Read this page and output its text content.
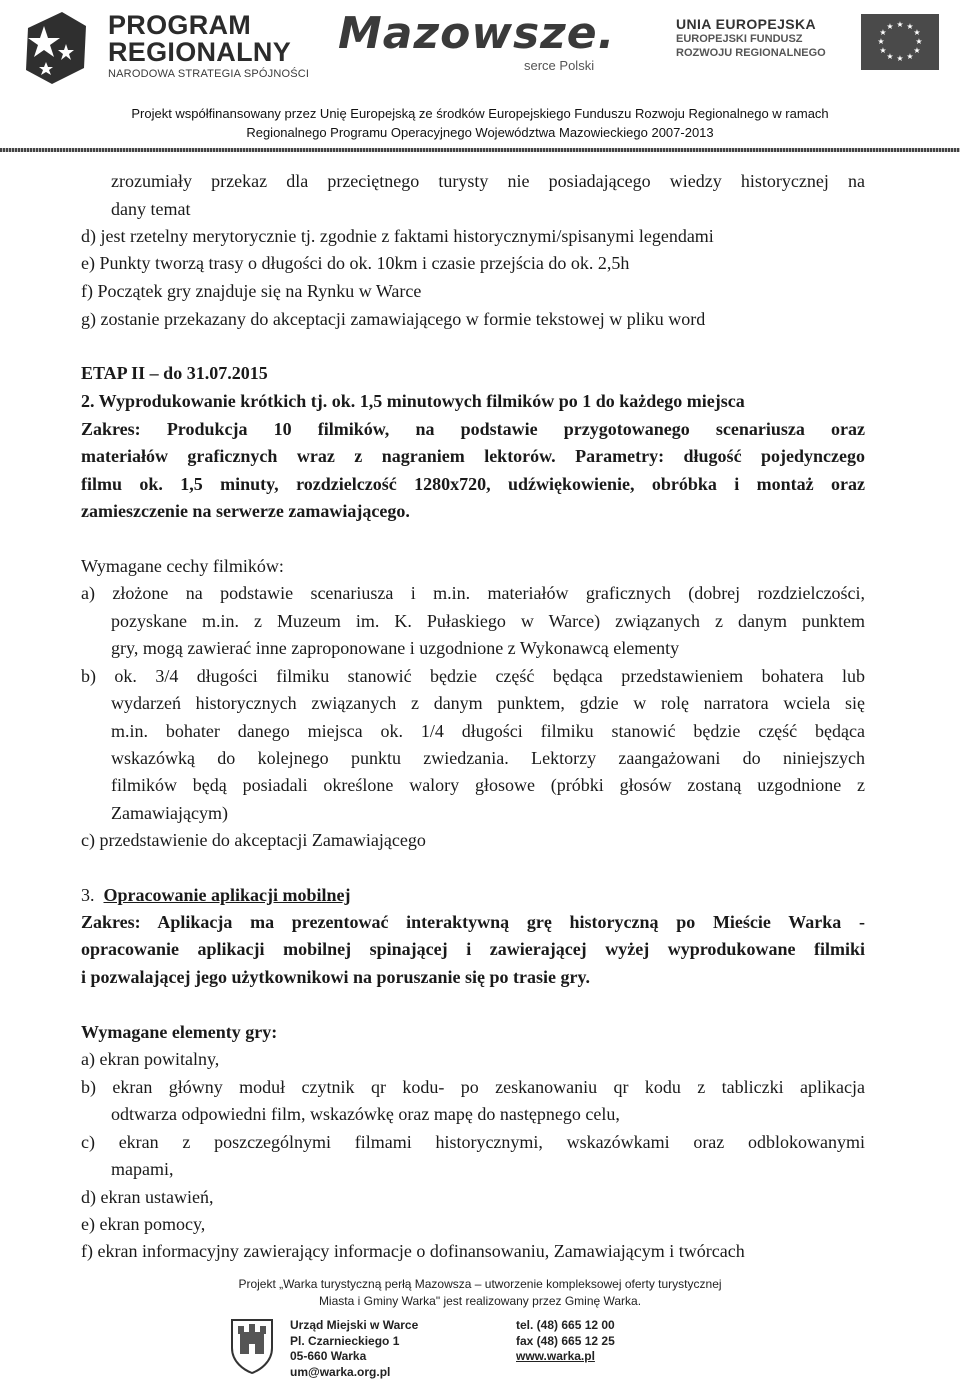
PROGRAM
REGIONALNY
NARODOWA STRATEGIA SPÓJNOŚCI
Mazowsze.
serce Polski
UNIA EUROPEJSKA
EUROPEJSKI FUNDUSZ
ROZWOJU REGIONALNEGO
★ ★
★
★
★
★
★
★
★
★
★
★
Projekt współfinansowany przez Unię Europejską ze środków Europejskiego Funduszu Rozwoju Regionalnego w ramach
Regionalnego Programu Operacyjnego Województwa Mazowieckiego 2007-2013
zrozumiały przekaz dla przeciętnego turysty nie posiadającego wiedzy historycznej na
dany temat
d) jest rzetelny merytorycznie tj. zgodnie z faktami historycznymi/spisanymi legendami
e) Punkty tworzą trasy o długości do ok. 10km i czasie przejścia do ok. 2,5h
f) Początek gry znajduje się na Rynku w Warce
g) zostanie przekazany do akceptacji zamawiającego w formie tekstowej w pliku word
ETAP II – do 31.07.2015
2. Wyprodukowanie krótkich tj. ok. 1,5 minutowych filmików po 1 do każdego miejsca
Zakres: Produkcja 10 filmików, na podstawie przygotowanego scenariusza oraz
materiałów graficznych wraz z nagraniem lektorów. Parametry: długość pojedynczego
filmu ok. 1,5 minuty, rozdzielczość 1280x720, udźwiękowienie, obróbka i montaż oraz
zamieszczenie na serwerze zamawiającego.
Wymagane cechy filmików:
a) złożone na podstawie scenariusza i m.in. materiałów graficznych (dobrej rozdzielczości,
pozyskane m.in. z Muzeum im. K. Pułaskiego w Warce) związanych z danym punktem
gry, mogą zawierać inne zaproponowane i uzgodnione z Wykonawcą elementy
b) ok. 3/4 długości filmiku stanowić będzie część będąca przedstawieniem bohatera lub
wydarzeń historycznych związanych z danym punktem, gdzie w rolę narratora wciela się
m.in. bohater danego miejsca ok. 1/4 długości filmiku stanowić będzie część będąca
wskazówką do kolejnego punktu zwiedzania. Lektorzy zaangażowani do niniejszych
filmików będą posiadali określone walory głosowe (próbki głosów zostaną uzgodnione z
Zamawiającym)
c) przedstawienie do akceptacji Zamawiającego
3.  Opracowanie aplikacji mobilnej
Zakres: Aplikacja ma prezentować interaktywną grę historyczną po Mieście Warka -
opracowanie aplikacji mobilnej spinającej i zawierającej wyżej wyprodukowane filmiki
i pozwalającej jego użytkownikowi na poruszanie się po trasie gry.
Wymagane elementy gry:
a) ekran powitalny,
b) ekran główny moduł czytnik qr kodu- po zeskanowaniu qr kodu z tabliczki aplikacja
odtwarza odpowiedni film, wskazówkę oraz mapę do następnego celu,
c) ekran z poszczególnymi filmami historycznymi, wskazówkami oraz odblokowanymi
mapami,
d) ekran ustawień,
e) ekran pomocy,
f) ekran informacyjny zawierający informacje o dofinansowaniu, Zamawiającym i twórcach
Projekt „Warka turystyczną perłą Mazowsza – utworzenie kompleksowej oferty turystycznej
Miasta i Gminy Warka" jest realizowany przez Gminę Warka.
Urząd Miejski w Warce
Pl. Czarnieckiego 1
05-660 Warka
um@warka.org.pl
tel. (48) 665 12 00
fax (48) 665 12 25
www.warka.pl
